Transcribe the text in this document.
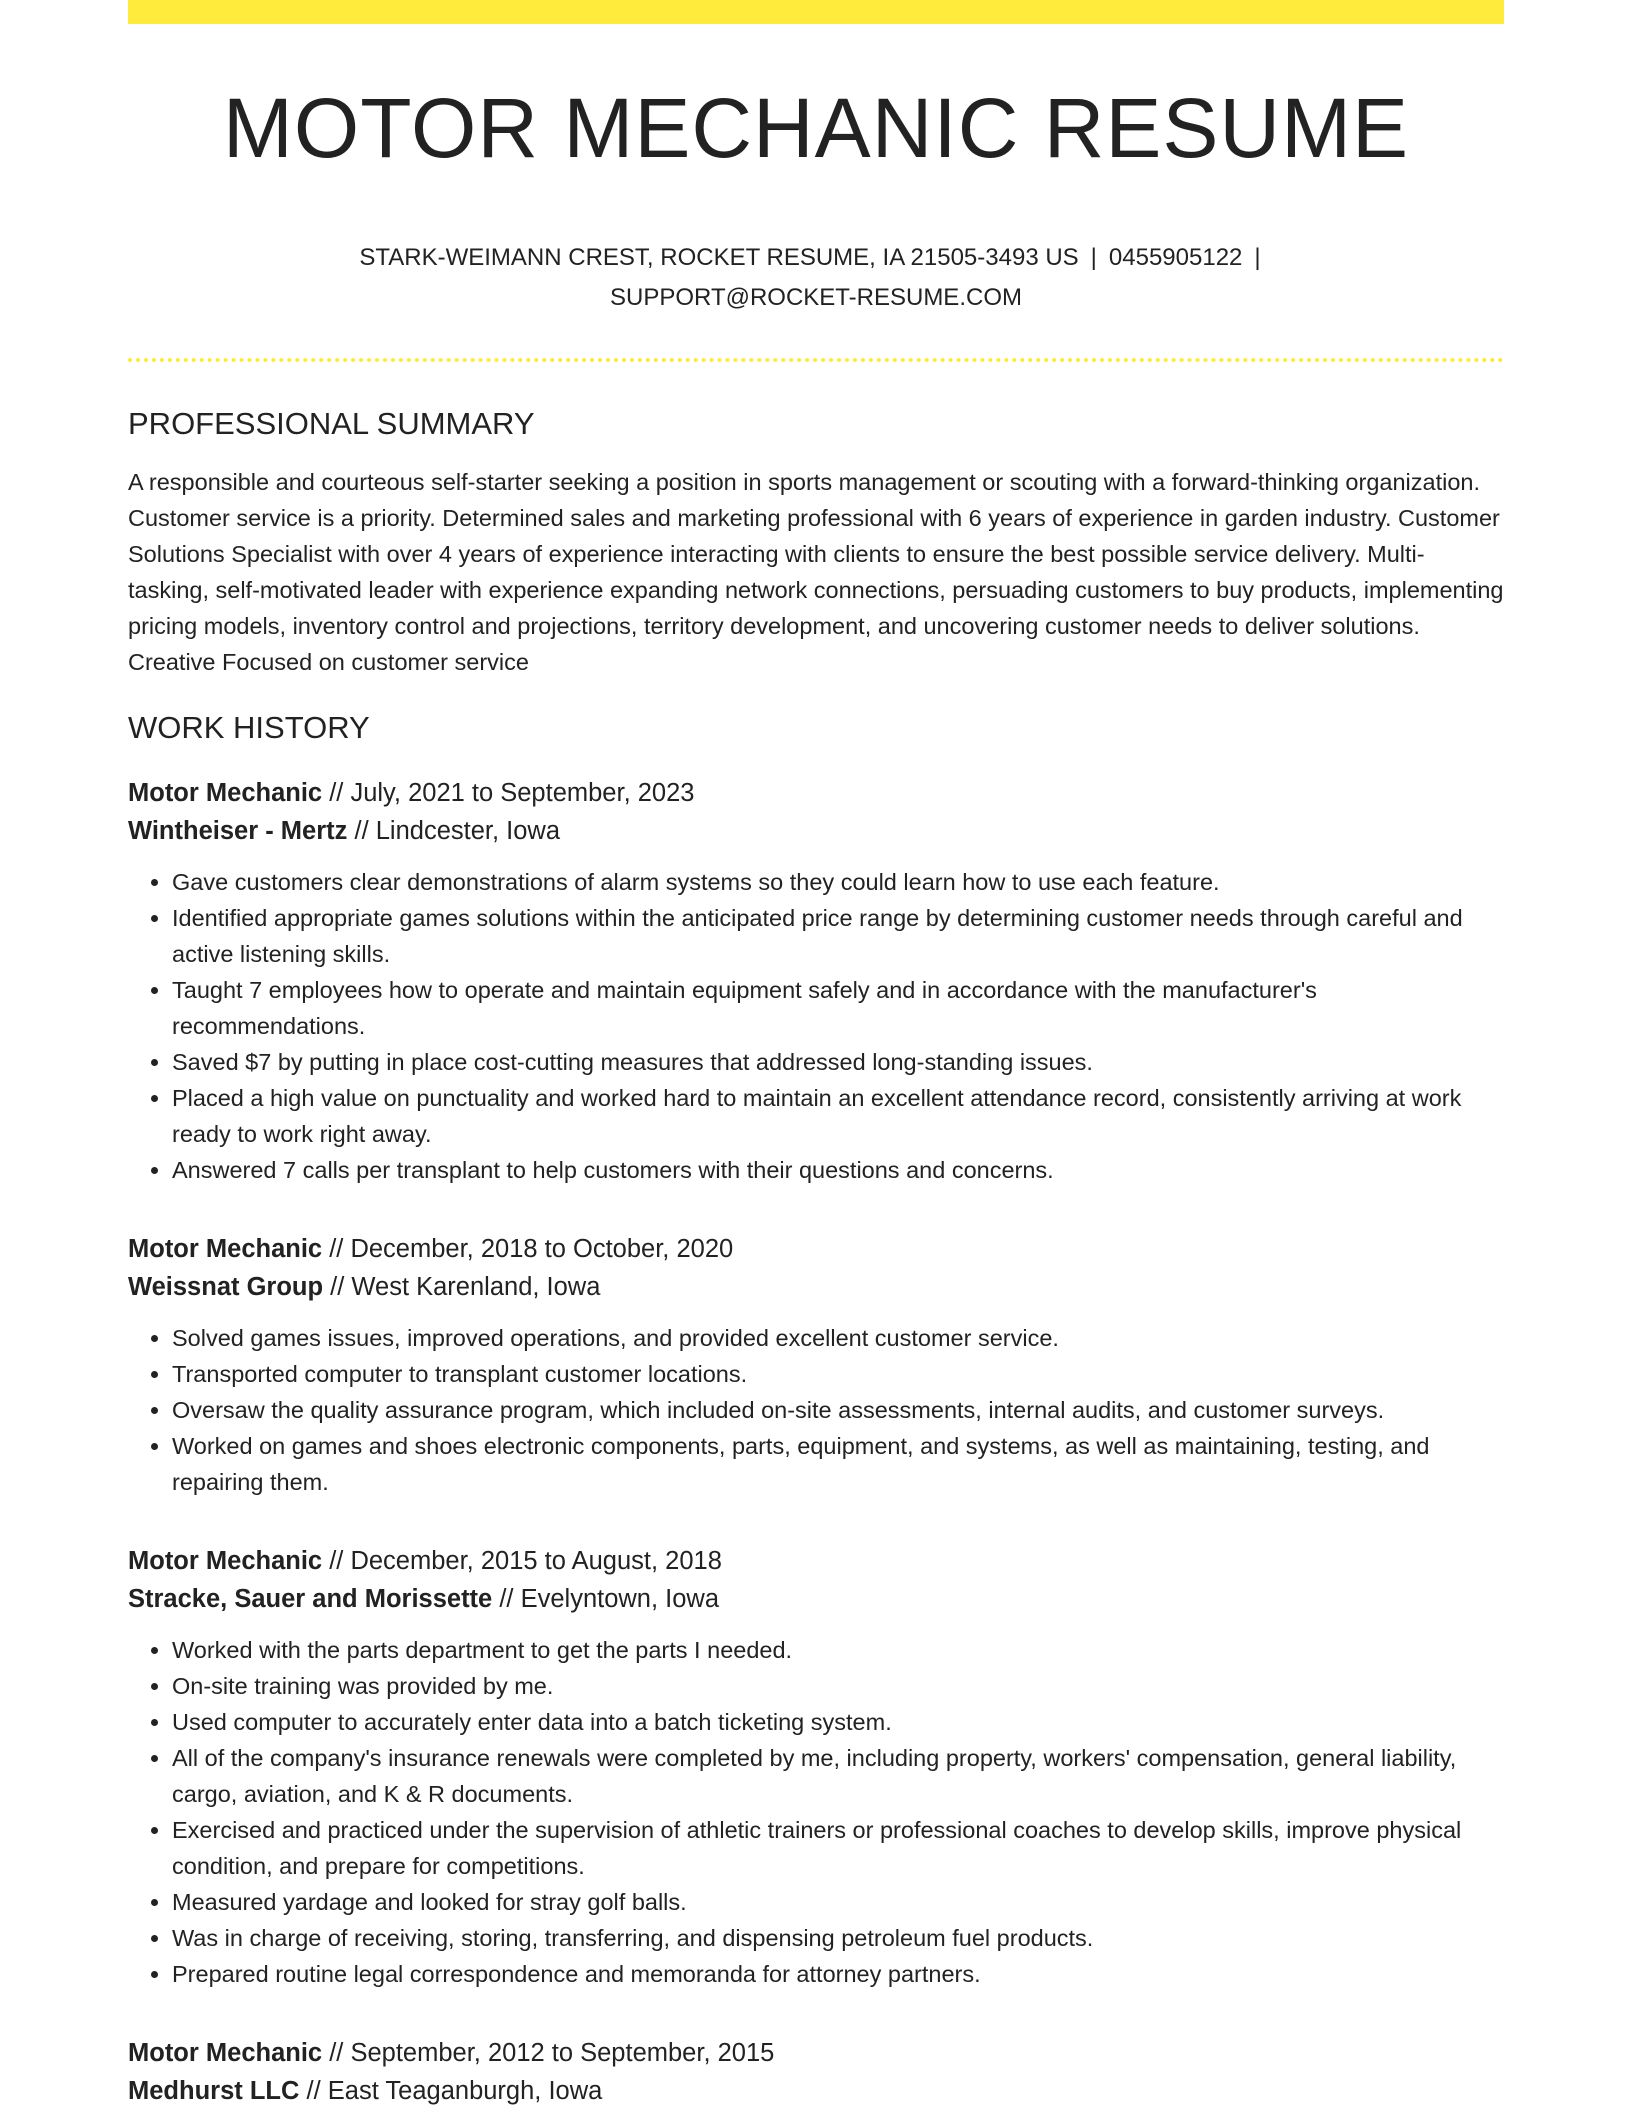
MOTOR MECHANIC RESUME
STARK-WEIMANN CREST, ROCKET RESUME, IA 21505-3493 US | 0455905122 |
SUPPORT@ROCKET-RESUME.COM
PROFESSIONAL SUMMARY
A responsible and courteous self-starter seeking a position in sports management or scouting with a forward-thinking organization. Customer service is a priority. Determined sales and marketing professional with 6 years of experience in garden industry. Customer Solutions Specialist with over 4 years of experience interacting with clients to ensure the best possible service delivery. Multi-tasking, self-motivated leader with experience expanding network connections, persuading customers to buy products, implementing pricing models, inventory control and projections, territory development, and uncovering customer needs to deliver solutions. Creative Focused on customer service
WORK HISTORY
Motor Mechanic // July, 2021 to September, 2023
Wintheiser - Mertz // Lindcester, Iowa
• Gave customers clear demonstrations of alarm systems so they could learn how to use each feature.
• Identified appropriate games solutions within the anticipated price range by determining customer needs through careful and active listening skills.
• Taught 7 employees how to operate and maintain equipment safely and in accordance with the manufacturer's recommendations.
• Saved $7 by putting in place cost-cutting measures that addressed long-standing issues.
• Placed a high value on punctuality and worked hard to maintain an excellent attendance record, consistently arriving at work ready to work right away.
• Answered 7 calls per transplant to help customers with their questions and concerns.
Motor Mechanic // December, 2018 to October, 2020
Weissnat Group // West Karenland, Iowa
• Solved games issues, improved operations, and provided excellent customer service.
• Transported computer to transplant customer locations.
• Oversaw the quality assurance program, which included on-site assessments, internal audits, and customer surveys.
• Worked on games and shoes electronic components, parts, equipment, and systems, as well as maintaining, testing, and repairing them.
Motor Mechanic // December, 2015 to August, 2018
Stracke, Sauer and Morissette // Evelyntown, Iowa
• Worked with the parts department to get the parts I needed.
• On-site training was provided by me.
• Used computer to accurately enter data into a batch ticketing system.
• All of the company's insurance renewals were completed by me, including property, workers' compensation, general liability, cargo, aviation, and K & R documents.
• Exercised and practiced under the supervision of athletic trainers or professional coaches to develop skills, improve physical condition, and prepare for competitions.
• Measured yardage and looked for stray golf balls.
• Was in charge of receiving, storing, transferring, and dispensing petroleum fuel products.
• Prepared routine legal correspondence and memoranda for attorney partners.
Motor Mechanic // September, 2012 to September, 2015
Medhurst LLC // East Teaganburgh, Iowa
